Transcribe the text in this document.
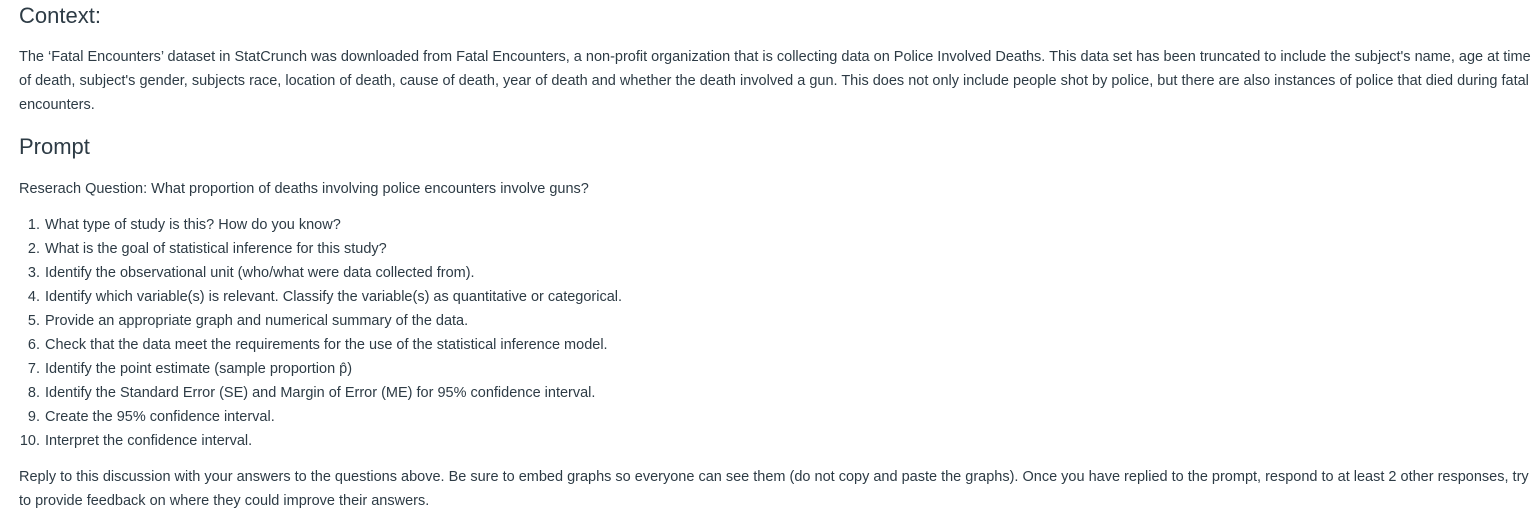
Context:

The ‘Fatal Encounters’ dataset in StatCrunch was downloaded from Fatal Encounters, a non-profit organization that is collecting data on Police Involved Deaths. This data set has been truncated to include the subject's name, age at time of death, subject's gender, subjects race, location of death, cause of death, year of death and whether the death involved a gun. This does not only include people shot by police, but there are also instances of police that died during fatal encounters.

Prompt

Reserach Question: What proportion of deaths involving police encounters involve guns?

1. What type of study is this? How do you know?
2. What is the goal of statistical inference for this study?
3. Identify the observational unit (who/what were data collected from).
4. Identify which variable(s) is relevant. Classify the variable(s) as quantitative or categorical.
5. Provide an appropriate graph and numerical summary of the data.
6. Check that the data meet the requirements for the use of the statistical inference model.
7. Identify the point estimate (sample proportion p̂)
8. Identify the Standard Error (SE) and Margin of Error (ME) for 95% confidence interval.
9. Create the 95% confidence interval.
10. Interpret the confidence interval.

Reply to this discussion with your answers to the questions above. Be sure to embed graphs so everyone can see them (do not copy and paste the graphs). Once you have replied to the prompt, respond to at least 2 other responses, try to provide feedback on where they could improve their answers.
